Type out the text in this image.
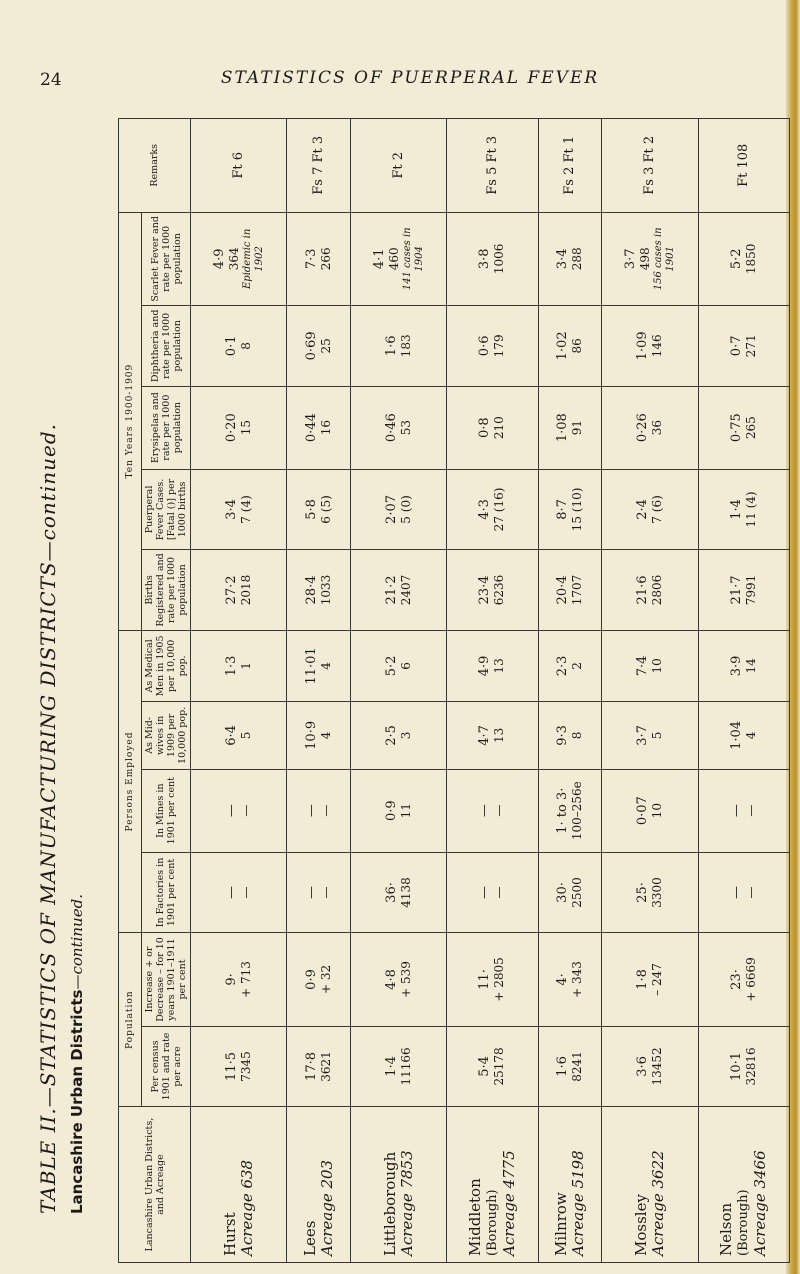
24	STATISTICS OF PUERPERAL FEVER
TABLE II.—STATISTICS OF MANUFACTURING DISTRICTS—continued. Lancashire Urban Districts—continued.
Lancashire Urban Districts, and Acreage	Population		Persons Employed				Ten Years 1900-1909					Remarks
	Per census 1901 and rate per acre	Increase + or Decrease – for 10 years 1901–1911 per cent	In Factories in 1901 per cent	In Mines in 1901 per cent	As Mid-wives in 1909 per 10,000 pop.	As Medical Men in 1905 per 10,000 pop.	Births Registered and rate per 1000 population	Puerperal Fever Cases. [Fatal ()] per 1000 births	Erysipelas and rate per 1000 population	Diphtheria and rate per 1000 population	Scarlet Fever and rate per 1000 population	

Hurst Acreage 638	11·5 7345	9· + 713	— —	— —	6·4 5	1·3 1	27·2 2018	3·4 7 (4)	0·20 15	0·1 8	4·9 364 Epidemic in 1902	Ft 6

Lees Acreage 203	17·8 3621	0·9 + 32	— —	— —	10·9 4	11·01 4	28·4 1033	5·8 6 (5)	0·44 16	0·69 25	7·3 266	Fs 7 Ft 3

Littleborough Acreage 7853	1·4 11166	4·8 + 539	36· 4138	0·9 11	2·5 3	5·2 6	21·2 2407	2·07 5 (0)	0·46 53	1·6 183	4·1 460 141 cases in 1904	Ft 2

Middleton (Borough) Acreage 4775	5·4 25178	11· + 2805	— —	— —	4·7 13	4·9 13	23·4 6236	4·3 27 (16)	0·8 210	0·6 179	3·8 1006	Fs 5 Ft 3

Milnrow Acreage 5198	1·6 8241	4· + 343	30· 2500	1· to 3· 100–256e	9·3 8	2·3 2	20·4 1707	8·7 15 (10)	1·08 91	1·02 86	3·4 288	Fs 2 Ft 1

Mossley Acreage 3622	3·6 13452	1·8 – 247	25· 3300	0·07 10	3·7 5	7·4 10	21·6 2806	2·4 7 (6)	0·26 36	1·09 146	3·7 498 156 cases in 1901	Fs 3 Ft 2

Nelson (Borough) Acreage 3466	10·1 32816	23· + 6669	— —	— —	1·04 4	3·9 14	21·7 7991	1·4 11 (4)	0·75 265	0·7 271	5·2 1850	Ft 108
